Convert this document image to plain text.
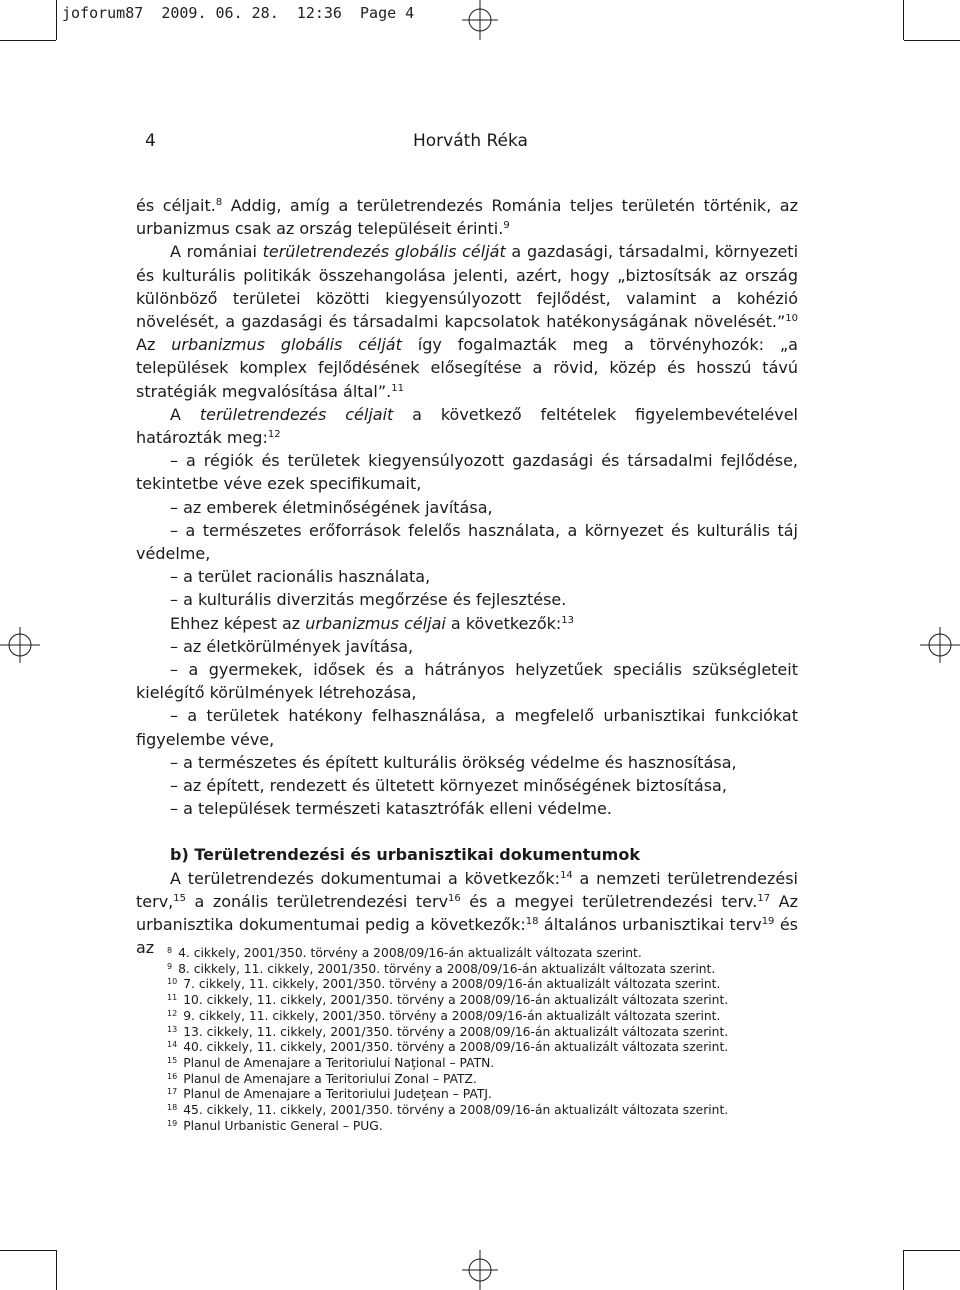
joforum87  2009. 06. 28.  12:36  Page 4
4	Horváth Réka

és céljait.$^8$ Addig, amíg a területrendezés Románia teljes területén történik, az urbanizmus csak az ország településeit érinti.$^9$

A romániai területrendezés globális célját a gazdasági, társadalmi, környezeti és kulturális politikák összehangolása jelenti, azért, hogy „biztosítsák az ország különböző területei közötti kiegyensúlyozott fejlődést, valamint a kohézió növelését, a gazdasági és társadalmi kapcsolatok hatékonyságának növelését.”$^{10}$ Az urbanizmus globális célját így fogalmazták meg a törvényhozók: „a települések komplex fejlődésének elősegítése a rövid, közép és hosszú távú stratégiák megvalósítása által”.$^{11}$

A területrendezés céljait a következő feltételek figyelembevételével határozták meg:$^{12}$

– a régiók és területek kiegyensúlyozott gazdasági és társadalmi fejlődése, tekintetbe véve ezek specifikumait,

– az emberek életminőségének javítása,

– a természetes erőforrások felelős használata, a környezet és kulturális táj védelme,

– a terület racionális használata,

– a kulturális diverzitás megőrzése és fejlesztése.

Ehhez képest az urbanizmus céljai a következők:$^{13}$

– az életkörülmények javítása,

– a gyermekek, idősek és a hátrányos helyzetűek speciális szükségleteit kielégítő körülmények létrehozása,

– a területek hatékony felhasználása, a megfelelő urbanisztikai funkciókat figyelembe véve,

– a természetes és épített kulturális örökség védelme és hasznosítása,

– az épített, rendezett és ültetett környezet minőségének biztosítása,

– a települések természeti katasztrófák elleni védelme.

b) Területrendezési és urbanisztikai dokumentumok

A területrendezés dokumentumai a következők:$^{14}$ a nemzeti területrendezési terv,$^{15}$ a zonális területrendezési terv$^{16}$ és a megyei területrendezési terv.$^{17}$ Az urbanisztika dokumentumai pedig a következők:$^{18}$ általános urbanisztikai terv$^{19}$ és az	$^8$ 4. cikkely, 2001/350. törvény a 2008/09/16-án aktualizált változata szerint.
$^9$ 8. cikkely, 11. cikkely, 2001/350. törvény a 2008/09/16-án aktualizált változata szerint.
$^{10}$ 7. cikkely, 11. cikkely, 2001/350. törvény a 2008/09/16-án aktualizált változata szerint.
$^{11}$ 10. cikkely, 11. cikkely, 2001/350. törvény a 2008/09/16-án aktualizált változata szerint.
$^{12}$ 9. cikkely, 11. cikkely, 2001/350. törvény a 2008/09/16-án aktualizált változata szerint.
$^{13}$ 13. cikkely, 11. cikkely, 2001/350. törvény a 2008/09/16-án aktualizált változata szerint.
$^{14}$ 40. cikkely, 11. cikkely, 2001/350. törvény a 2008/09/16-án aktualizált változata szerint.
$^{15}$ Planul de Amenajare a Teritoriului Naţional – PATN.
$^{16}$ Planul de Amenajare a Teritoriului Zonal – PATZ.
$^{17}$ Planul de Amenajare a Teritoriului Judeţean – PATJ.
$^{18}$ 45. cikkely, 11. cikkely, 2001/350. törvény a 2008/09/16-án aktualizált változata szerint.
$^{19}$ Planul Urbanistic General – PUG.
